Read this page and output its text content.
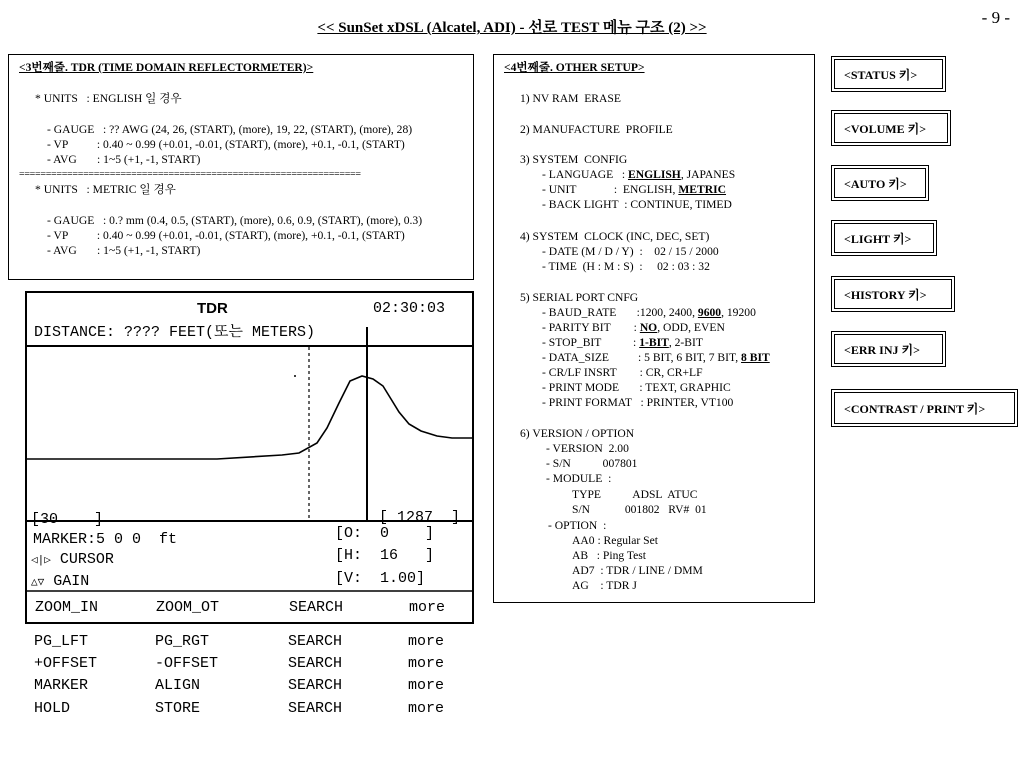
<< SunSet xDSL (Alcatel, ADI) - 선로 TEST 메뉴 구조 (2) >>
- 9 -
<3번째줄. TDR (TIME DOMAIN REFLECTORMETER)>
* UNITS   : ENGLISH 일 경우
- GAUGE   : ?? AWG (24, 26, (START), (more), 19, 22, (START), (more), 28)
- VP          : 0.40 ~ 0.99 (+0.01, -0.01, (START), (more), +0.1, -0.1, (START)
- AVG       : 1~5 (+1, -1, START)
================================================================
* UNITS   : METRIC 일 경우
- GAUGE   : 0.? mm (0.4, 0.5, (START), (more), 0.6, 0.9, (START), (more), 0.3)
- VP          : 0.40 ~ 0.99 (+0.01, -0.01, (START), (more), +0.1, -0.1, (START)
- AVG       : 1~5 (+1, -1, START)
<4번째줄. OTHER SETUP>
1) NV RAM  ERASE
2) MANUFACTURE  PROFILE
3) SYSTEM  CONFIG
- LANGUAGE   : ENGLISH, JAPANES
- UNIT             :  ENGLISH, METRIC
- BACK LIGHT  : CONTINUE, TIMED
4) SYSTEM  CLOCK (INC, DEC, SET)
- DATE (M / D / Y)  :    02 / 15 / 2000
- TIME  (H : M : S)  :     02 : 03 : 32
5) SERIAL PORT CNFG
- BAUD_RATE       :1200, 2400, 9600, 19200
- PARITY BIT        : NO, ODD, EVEN
- STOP_BIT           : 1-BIT, 2-BIT
- DATA_SIZE          : 5 BIT, 6 BIT, 7 BIT, 8 BIT
- CR/LF INSRT        : CR, CR+LF
- PRINT MODE       : TEXT, GRAPHIC
- PRINT FORMAT   : PRINTER, VT100
6) VERSION / OPTION
- VERSION  2.00
- S/N           007801
- MODULE  :
TYPE           ADSL  ATUC
S/N            001802   RV#  01
- OPTION  :
AA0 : Regular Set
AB   : Ping Test
AD7  : TDR / LINE / DMM
AG    : TDR J
<STATUS 키>
<VOLUME 키>
<AUTO 키>
<LIGHT 키>
<HISTORY 키>
<ERR INJ 키>
<CONTRAST / PRINT 키>
TDR	02:30:03
DISTANCE: ???? FEET(또는 METERS)
[30    ]	[ 1287  ]
MARKER:5 0 0  ft	[O:  0    ]
◁|▷ CURSOR	[H:  16   ]
△▽ GAIN	[V:  1.00]
ZOOM_IN	ZOOM_OT	SEARCH	more
PG_LFT	PG_RGT	SEARCH	more
+OFFSET	-OFFSET	SEARCH	more
MARKER	ALIGN	SEARCH	more
HOLD	STORE	SEARCH	more
